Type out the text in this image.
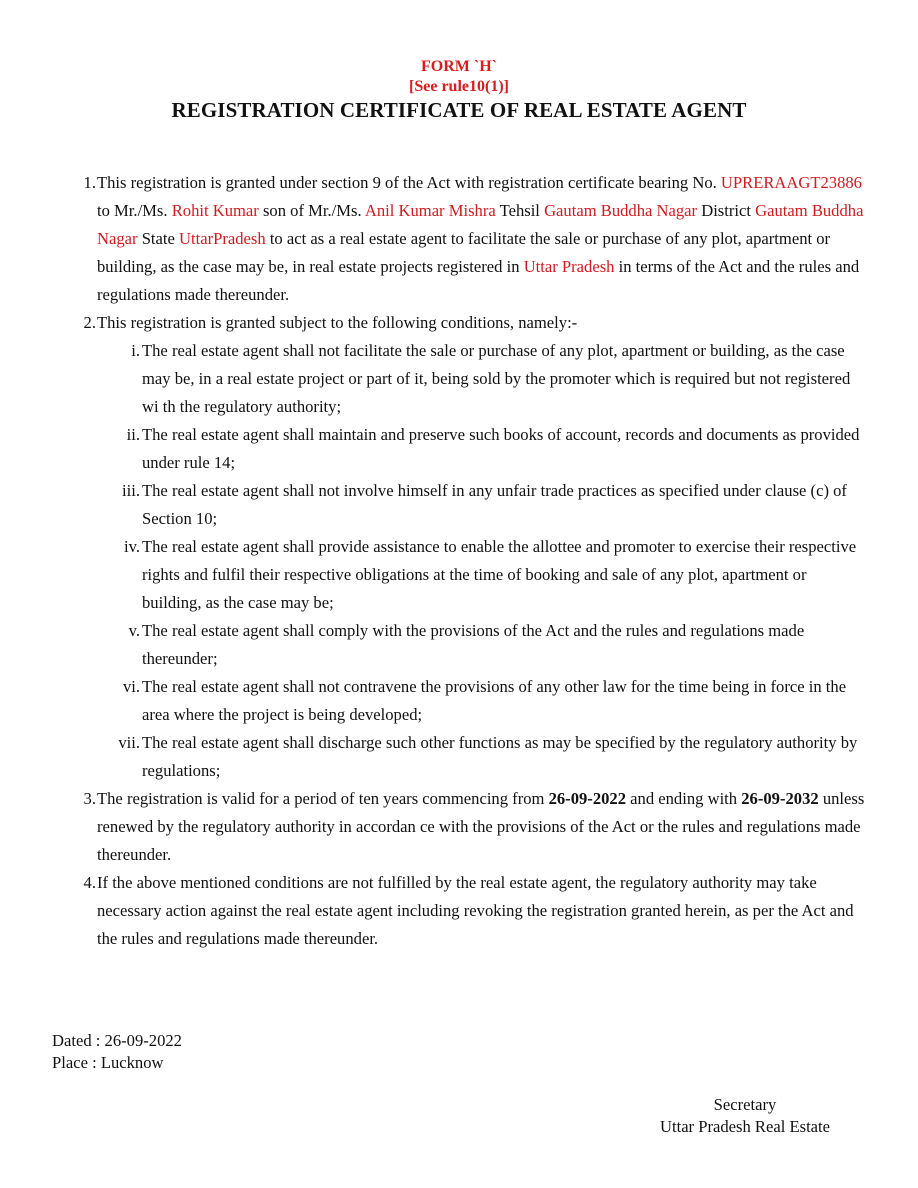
FORM `H`
[See rule10(1)]
REGISTRATION CERTIFICATE OF REAL ESTATE AGENT
1. This registration is granted under section 9 of the Act with registration certificate bearing No. UPRERAAGT23886 to Mr./Ms. Rohit Kumar son of Mr./Ms. Anil Kumar Mishra Tehsil Gautam Buddha Nagar District Gautam Buddha Nagar State UttarPradesh to act as a real estate agent to facilitate the sale or purchase of any plot, apartment or building, as the case may be, in real estate projects registered in Uttar Pradesh in terms of the Act and the rules and regulations made thereunder.
2. This registration is granted subject to the following conditions, namely:-
i. The real estate agent shall not facilitate the sale or purchase of any plot, apartment or building, as the case may be, in a real estate project or part of it, being sold by the promoter which is required but not registered wi th the regulatory authority;
ii. The real estate agent shall maintain and preserve such books of account, records and documents as provided under rule 14;
iii. The real estate agent shall not involve himself in any unfair trade practices as specified under clause (c) of Section 10;
iv. The real estate agent shall provide assistance to enable the allottee and promoter to exercise their respective rights and fulfil their respective obligations at the time of booking and sale of any plot, apartment or building, as the case may be;
v. The real estate agent shall comply with the provisions of the Act and the rules and regulations made thereunder;
vi. The real estate agent shall not contravene the provisions of any other law for the time being in force in the area where the project is being developed;
vii. The real estate agent shall discharge such other functions as may be specified by the regulatory authority by regulations;
3. The registration is valid for a period of ten years commencing from 26-09-2022 and ending with 26-09-2032 unless renewed by the regulatory authority in accordan ce with the provisions of the Act or the rules and regulations made thereunder.
4. If the above mentioned conditions are not fulfilled by the real estate agent, the regulatory authority may take necessary action against the real estate agent including revoking the registration granted herein, as per the Act and the rules and regulations made thereunder.
Dated : 26-09-2022
Place : Lucknow
Secretary
Uttar Pradesh Real Estate
